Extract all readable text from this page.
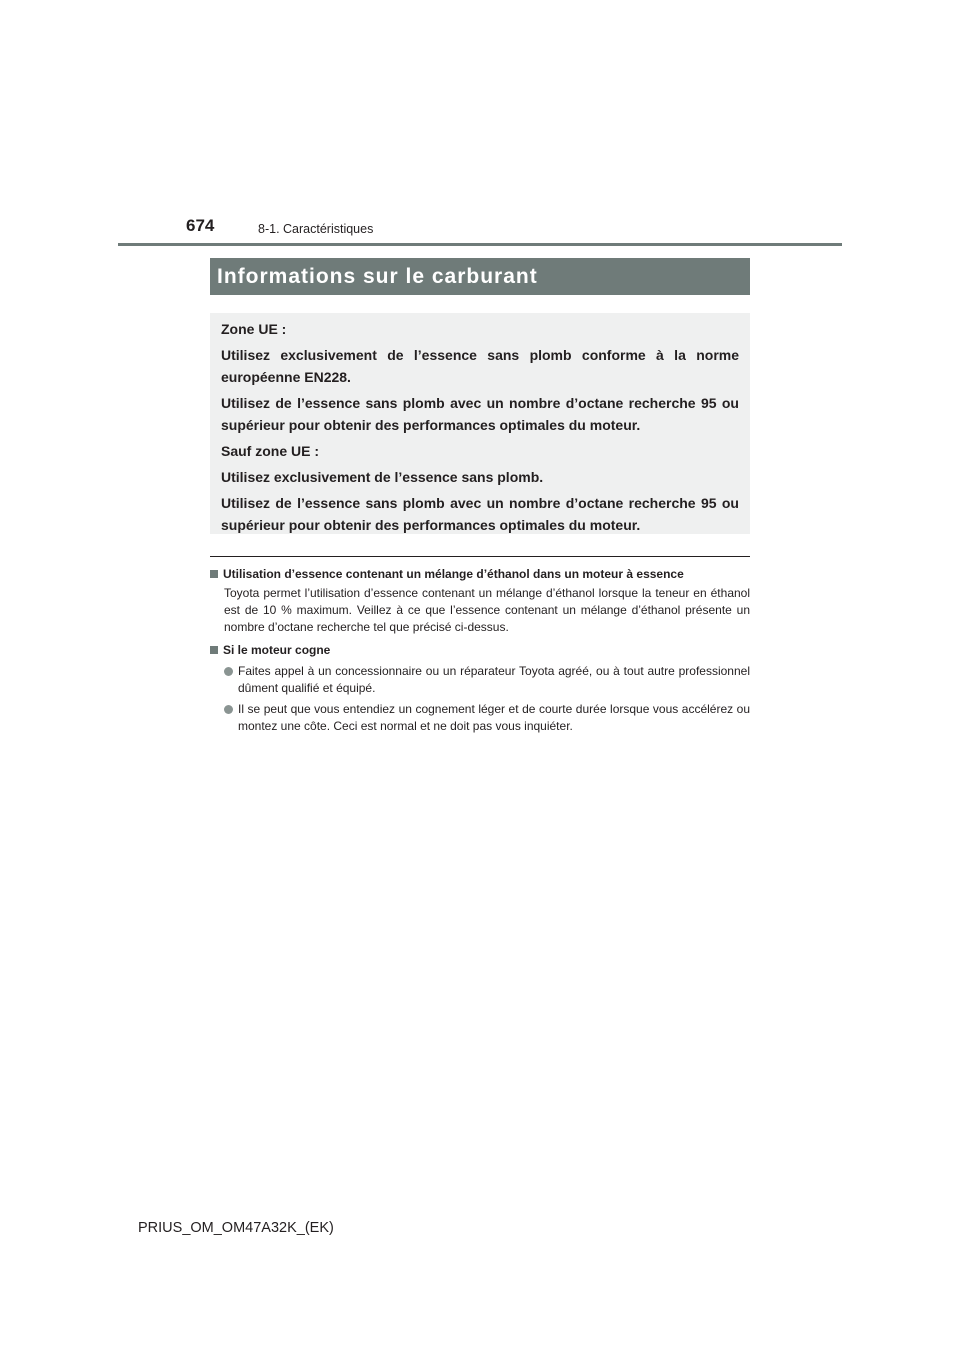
674	8-1. Caractéristiques
Informations sur le carburant

Zone UE :

Utilisez exclusivement de l’essence sans plomb conforme à la norme européenne EN228.

Utilisez de l’essence sans plomb avec un nombre d’octane recherche 95 ou supérieur pour obtenir des performances optimales du moteur.

Sauf zone UE :

Utilisez exclusivement de l’essence sans plomb.

Utilisez de l’essence sans plomb avec un nombre d’octane recherche 95 ou supérieur pour obtenir des performances optimales du moteur.

Utilisation d’essence contenant un mélange d’éthanol dans un moteur à essence
Toyota permet l’utilisation d’essence contenant un mélange d’éthanol lorsque la teneur en éthanol est de 10 % maximum. Veillez à ce que l’essence contenant un mélange d’éthanol présente un nombre d’octane recherche tel que précisé ci-dessus.
Si le moteur cogne
Faites appel à un concessionnaire ou un réparateur Toyota agréé, ou à tout autre professionnel dûment qualifié et équipé.
Il se peut que vous entendiez un cognement léger et de courte durée lorsque vous accélérez ou montez une côte. Ceci est normal et ne doit pas vous inquiéter.
PRIUS_OM_OM47A32K_(EK)
